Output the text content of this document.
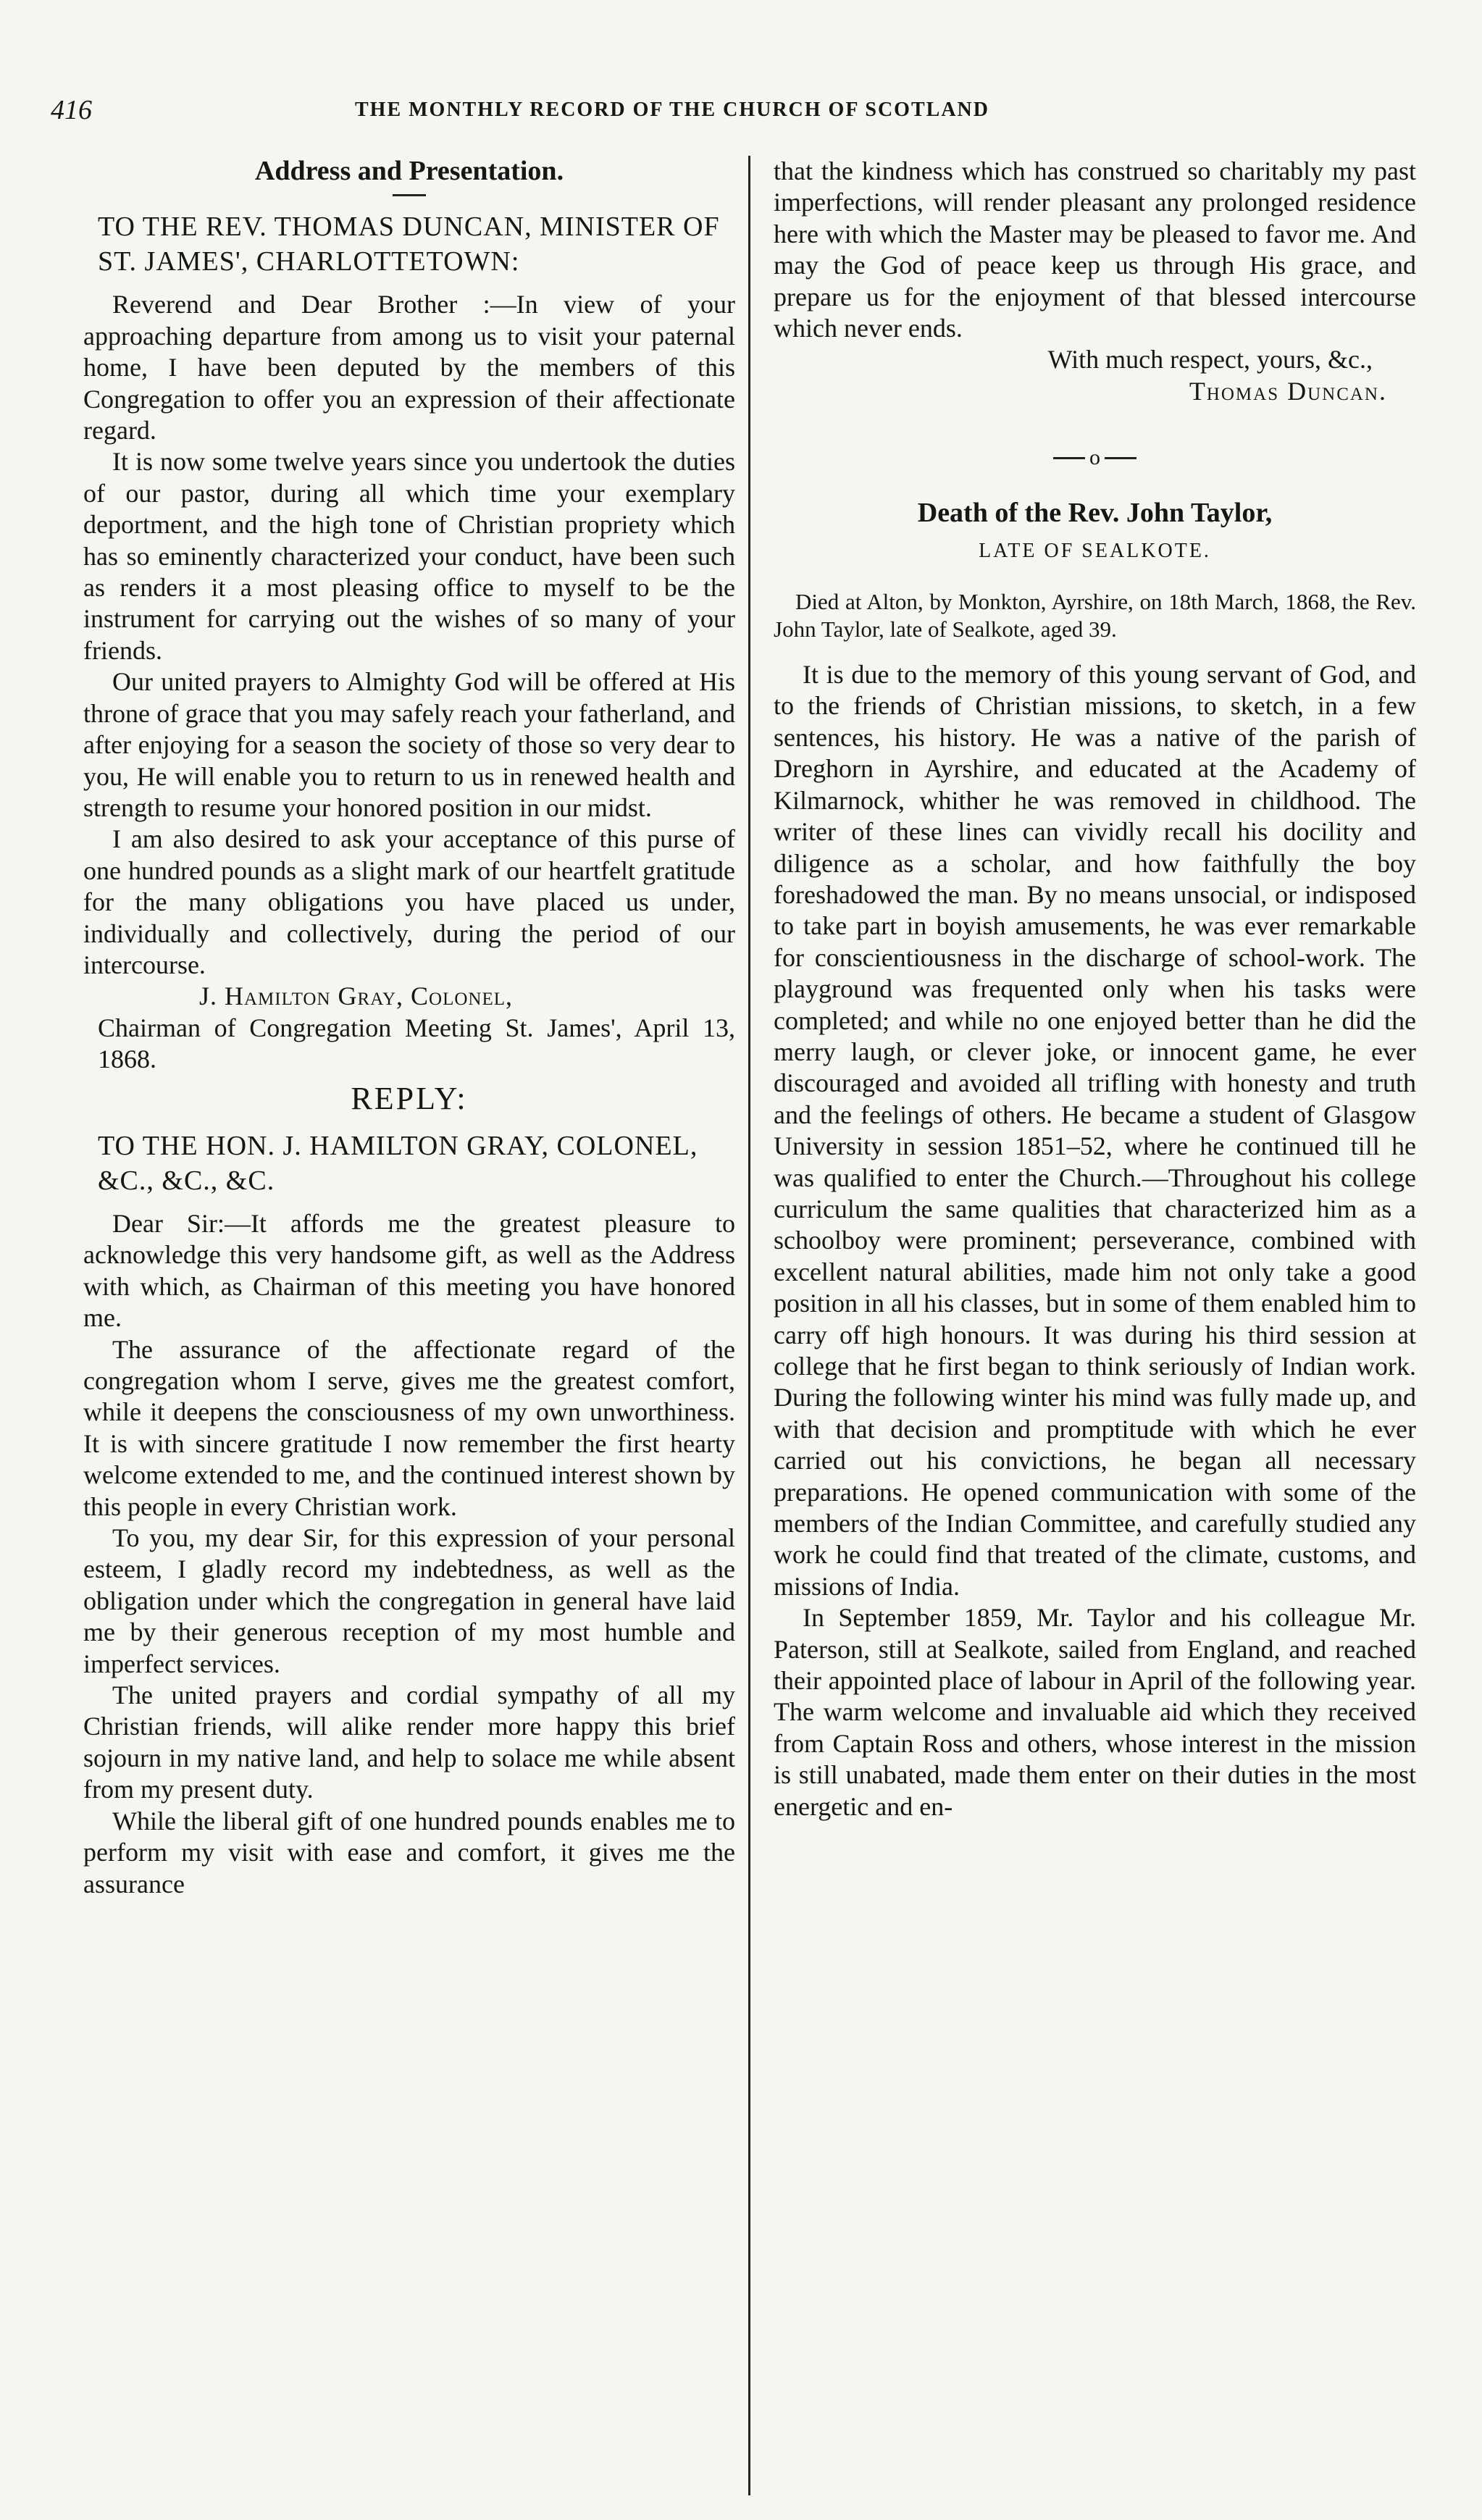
416	THE MONTHLY RECORD OF THE CHURCH OF SCOTLAND
Address and Presentation.
TO THE REV. THOMAS DUNCAN, MINISTER OF ST. JAMES', CHARLOTTETOWN:

Reverend and Dear Brother :—In view of your approaching departure from among us to visit your paternal home, I have been deputed by the members of this Congregation to offer you an expression of their affectionate regard.

It is now some twelve years since you undertook the duties of our pastor, during all which time your exemplary deportment, and the high tone of Christian propriety which has so eminently characterized your conduct, have been such as renders it a most pleasing office to myself to be the instrument for carrying out the wishes of so many of your friends.

Our united prayers to Almighty God will be offered at His throne of grace that you may safely reach your fatherland, and after enjoying for a season the society of those so very dear to you, He will enable you to return to us in renewed health and strength to resume your honored position in our midst.

I am also desired to ask your acceptance of this purse of one hundred pounds as a slight mark of our heartfelt gratitude for the many obligations you have placed us under, individually and collectively, during the period of our intercourse.

J. Hamilton Gray, Colonel,

Chairman of Congregation Meeting St. James', April 13, 1868.

REPLY:
TO THE HON. J. HAMILTON GRAY, COLONEL, &C., &C., &C.

Dear Sir:—It affords me the greatest pleasure to acknowledge this very handsome gift, as well as the Address with which, as Chairman of this meeting you have honored me.

The assurance of the affectionate regard of the congregation whom I serve, gives me the greatest comfort, while it deepens the consciousness of my own unworthiness. It is with sincere gratitude I now remember the first hearty welcome extended to me, and the continued interest shown by this people in every Christian work.

To you, my dear Sir, for this expression of your personal esteem, I gladly record my indebtedness, as well as the obligation under which the congregation in general have laid me by their generous reception of my most humble and imperfect services.

The united prayers and cordial sympathy of all my Christian friends, will alike render more happy this brief sojourn in my native land, and help to solace me while absent from my present duty.

While the liberal gift of one hundred pounds enables me to perform my visit with ease and comfort, it gives me the assurance

that the kindness which has construed so charitably my past imperfections, will render pleasant any prolonged residence here with which the Master may be pleased to favor me. And may the God of peace keep us through His grace, and prepare us for the enjoyment of that blessed intercourse which never ends.

With much respect, yours, &c.,

Thomas Duncan.

o
Death of the Rev. John Taylor,
LATE OF SEALKOTE.

Died at Alton, by Monkton, Ayrshire, on 18th March, 1868, the Rev. John Taylor, late of Sealkote, aged 39.

It is due to the memory of this young servant of God, and to the friends of Christian missions, to sketch, in a few sentences, his history. He was a native of the parish of Dreghorn in Ayrshire, and educated at the Academy of Kilmarnock, whither he was removed in childhood. The writer of these lines can vividly recall his docility and diligence as a scholar, and how faithfully the boy foreshadowed the man. By no means unsocial, or indisposed to take part in boyish amusements, he was ever remarkable for conscientiousness in the discharge of school-work. The playground was frequented only when his tasks were completed; and while no one enjoyed better than he did the merry laugh, or clever joke, or innocent game, he ever discouraged and avoided all trifling with honesty and truth and the feelings of others. He became a student of Glasgow University in session 1851–52, where he continued till he was qualified to enter the Church.—Throughout his college curriculum the same qualities that characterized him as a schoolboy were prominent; perseverance, combined with excellent natural abilities, made him not only take a good position in all his classes, but in some of them enabled him to carry off high honours. It was during his third session at college that he first began to think seriously of Indian work. During the following winter his mind was fully made up, and with that decision and promptitude with which he ever carried out his convictions, he began all necessary preparations. He opened communication with some of the members of the Indian Committee, and carefully studied any work he could find that treated of the climate, customs, and missions of India.

In September 1859, Mr. Taylor and his colleague Mr. Paterson, still at Sealkote, sailed from England, and reached their appointed place of labour in April of the following year. The warm welcome and invaluable aid which they received from Captain Ross and others, whose interest in the mission is still unabated, made them enter on their duties in the most energetic and en-
